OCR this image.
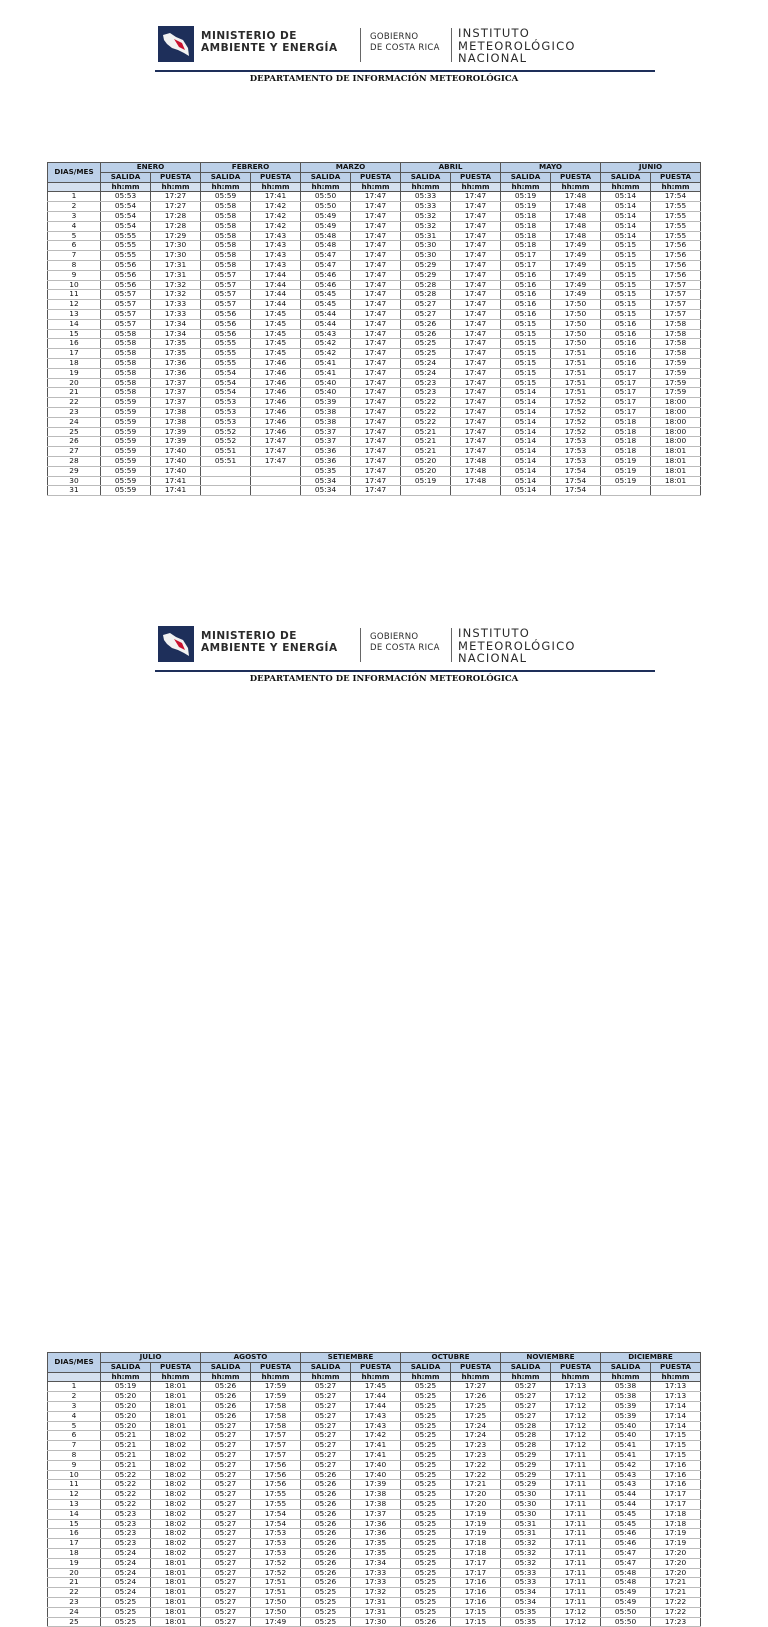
MINISTERIO DE
AMBIENTE Y ENERGÍA
GOBIERNO
DE COSTA RICA
INSTITUTO
METEOROLÓGICO
NACIONAL
DEPARTAMENTO DE INFORMACIÓN METEOROLÓGICA
DIAS/MES	ENERO		FEBRERO		MARZO		ABRIL		MAYO		JUNIO	
	SALIDA	PUESTA	SALIDA	PUESTA	SALIDA	PUESTA	SALIDA	PUESTA	SALIDA	PUESTA	SALIDA	PUESTA
	hh:mm	hh:mm	hh:mm	hh:mm	hh:mm	hh:mm	hh:mm	hh:mm	hh:mm	hh:mm	hh:mm	hh:mm
1	05:53	17:27	05:59	17:41	05:50	17:47	05:33	17:47	05:19	17:48	05:14	17:54
2	05:54	17:27	05:58	17:42	05:50	17:47	05:33	17:47	05:19	17:48	05:14	17:55
3	05:54	17:28	05:58	17:42	05:49	17:47	05:32	17:47	05:18	17:48	05:14	17:55
4	05:54	17:28	05:58	17:42	05:49	17:47	05:32	17:47	05:18	17:48	05:14	17:55
5	05:55	17:29	05:58	17:43	05:48	17:47	05:31	17:47	05:18	17:48	05:14	17:55
6	05:55	17:30	05:58	17:43	05:48	17:47	05:30	17:47	05:18	17:49	05:15	17:56
7	05:55	17:30	05:58	17:43	05:47	17:47	05:30	17:47	05:17	17:49	05:15	17:56
8	05:56	17:31	05:58	17:43	05:47	17:47	05:29	17:47	05:17	17:49	05:15	17:56
9	05:56	17:31	05:57	17:44	05:46	17:47	05:29	17:47	05:16	17:49	05:15	17:56
10	05:56	17:32	05:57	17:44	05:46	17:47	05:28	17:47	05:16	17:49	05:15	17:57
11	05:57	17:32	05:57	17:44	05:45	17:47	05:28	17:47	05:16	17:49	05:15	17:57
12	05:57	17:33	05:57	17:44	05:45	17:47	05:27	17:47	05:16	17:50	05:15	17:57
13	05:57	17:33	05:56	17:45	05:44	17:47	05:27	17:47	05:16	17:50	05:15	17:57
14	05:57	17:34	05:56	17:45	05:44	17:47	05:26	17:47	05:15	17:50	05:16	17:58
15	05:58	17:34	05:56	17:45	05:43	17:47	05:26	17:47	05:15	17:50	05:16	17:58
16	05:58	17:35	05:55	17:45	05:42	17:47	05:25	17:47	05:15	17:50	05:16	17:58
17	05:58	17:35	05:55	17:45	05:42	17:47	05:25	17:47	05:15	17:51	05:16	17:58
18	05:58	17:36	05:55	17:46	05:41	17:47	05:24	17:47	05:15	17:51	05:16	17:59
19	05:58	17:36	05:54	17:46	05:41	17:47	05:24	17:47	05:15	17:51	05:17	17:59
20	05:58	17:37	05:54	17:46	05:40	17:47	05:23	17:47	05:15	17:51	05:17	17:59
21	05:58	17:37	05:54	17:46	05:40	17:47	05:23	17:47	05:14	17:51	05:17	17:59
22	05:59	17:37	05:53	17:46	05:39	17:47	05:22	17:47	05:14	17:52	05:17	18:00
23	05:59	17:38	05:53	17:46	05:38	17:47	05:22	17:47	05:14	17:52	05:17	18:00
24	05:59	17:38	05:53	17:46	05:38	17:47	05:22	17:47	05:14	17:52	05:18	18:00
25	05:59	17:39	05:52	17:46	05:37	17:47	05:21	17:47	05:14	17:52	05:18	18:00
26	05:59	17:39	05:52	17:47	05:37	17:47	05:21	17:47	05:14	17:53	05:18	18:00
27	05:59	17:40	05:51	17:47	05:36	17:47	05:21	17:47	05:14	17:53	05:18	18:01
28	05:59	17:40	05:51	17:47	05:36	17:47	05:20	17:48	05:14	17:53	05:19	18:01
29	05:59	17:40			05:35	17:47	05:20	17:48	05:14	17:54	05:19	18:01
30	05:59	17:41			05:34	17:47	05:19	17:48	05:14	17:54	05:19	18:01
31	05:59	17:41			05:34	17:47			05:14	17:54		
MINISTERIO DE
AMBIENTE Y ENERGÍA
GOBIERNO
DE COSTA RICA
INSTITUTO
METEOROLÓGICO
NACIONAL
DEPARTAMENTO DE INFORMACIÓN METEOROLÓGICA
DIAS/MES	JULIO		AGOSTO		SETIEMBRE		OCTUBRE		NOVIEMBRE		DICIEMBRE	
	SALIDA	PUESTA	SALIDA	PUESTA	SALIDA	PUESTA	SALIDA	PUESTA	SALIDA	PUESTA	SALIDA	PUESTA
	hh:mm	hh:mm	hh:mm	hh:mm	hh:mm	hh:mm	hh:mm	hh:mm	hh:mm	hh:mm	hh:mm	hh:mm
1	05:19	18:01	05:26	17:59	05:27	17:45	05:25	17:27	05:27	17:13	05:38	17:13
2	05:20	18:01	05:26	17:59	05:27	17:44	05:25	17:26	05:27	17:12	05:38	17:13
3	05:20	18:01	05:26	17:58	05:27	17:44	05:25	17:25	05:27	17:12	05:39	17:14
4	05:20	18:01	05:26	17:58	05:27	17:43	05:25	17:25	05:27	17:12	05:39	17:14
5	05:20	18:01	05:27	17:58	05:27	17:43	05:25	17:24	05:28	17:12	05:40	17:14
6	05:21	18:02	05:27	17:57	05:27	17:42	05:25	17:24	05:28	17:12	05:40	17:15
7	05:21	18:02	05:27	17:57	05:27	17:41	05:25	17:23	05:28	17:12	05:41	17:15
8	05:21	18:02	05:27	17:57	05:27	17:41	05:25	17:23	05:29	17:11	05:41	17:15
9	05:21	18:02	05:27	17:56	05:27	17:40	05:25	17:22	05:29	17:11	05:42	17:16
10	05:22	18:02	05:27	17:56	05:26	17:40	05:25	17:22	05:29	17:11	05:43	17:16
11	05:22	18:02	05:27	17:56	05:26	17:39	05:25	17:21	05:29	17:11	05:43	17:16
12	05:22	18:02	05:27	17:55	05:26	17:38	05:25	17:20	05:30	17:11	05:44	17:17
13	05:22	18:02	05:27	17:55	05:26	17:38	05:25	17:20	05:30	17:11	05:44	17:17
14	05:23	18:02	05:27	17:54	05:26	17:37	05:25	17:19	05:30	17:11	05:45	17:18
15	05:23	18:02	05:27	17:54	05:26	17:36	05:25	17:19	05:31	17:11	05:45	17:18
16	05:23	18:02	05:27	17:53	05:26	17:36	05:25	17:19	05:31	17:11	05:46	17:19
17	05:23	18:02	05:27	17:53	05:26	17:35	05:25	17:18	05:32	17:11	05:46	17:19
18	05:24	18:02	05:27	17:53	05:26	17:35	05:25	17:18	05:32	17:11	05:47	17:20
19	05:24	18:01	05:27	17:52	05:26	17:34	05:25	17:17	05:32	17:11	05:47	17:20
20	05:24	18:01	05:27	17:52	05:26	17:33	05:25	17:17	05:33	17:11	05:48	17:20
21	05:24	18:01	05:27	17:51	05:26	17:33	05:25	17:16	05:33	17:11	05:48	17:21
22	05:24	18:01	05:27	17:51	05:25	17:32	05:25	17:16	05:34	17:11	05:49	17:21
23	05:25	18:01	05:27	17:50	05:25	17:31	05:25	17:16	05:34	17:11	05:49	17:22
24	05:25	18:01	05:27	17:50	05:25	17:31	05:25	17:15	05:35	17:12	05:50	17:22
25	05:25	18:01	05:27	17:49	05:25	17:30	05:26	17:15	05:35	17:12	05:50	17:23
